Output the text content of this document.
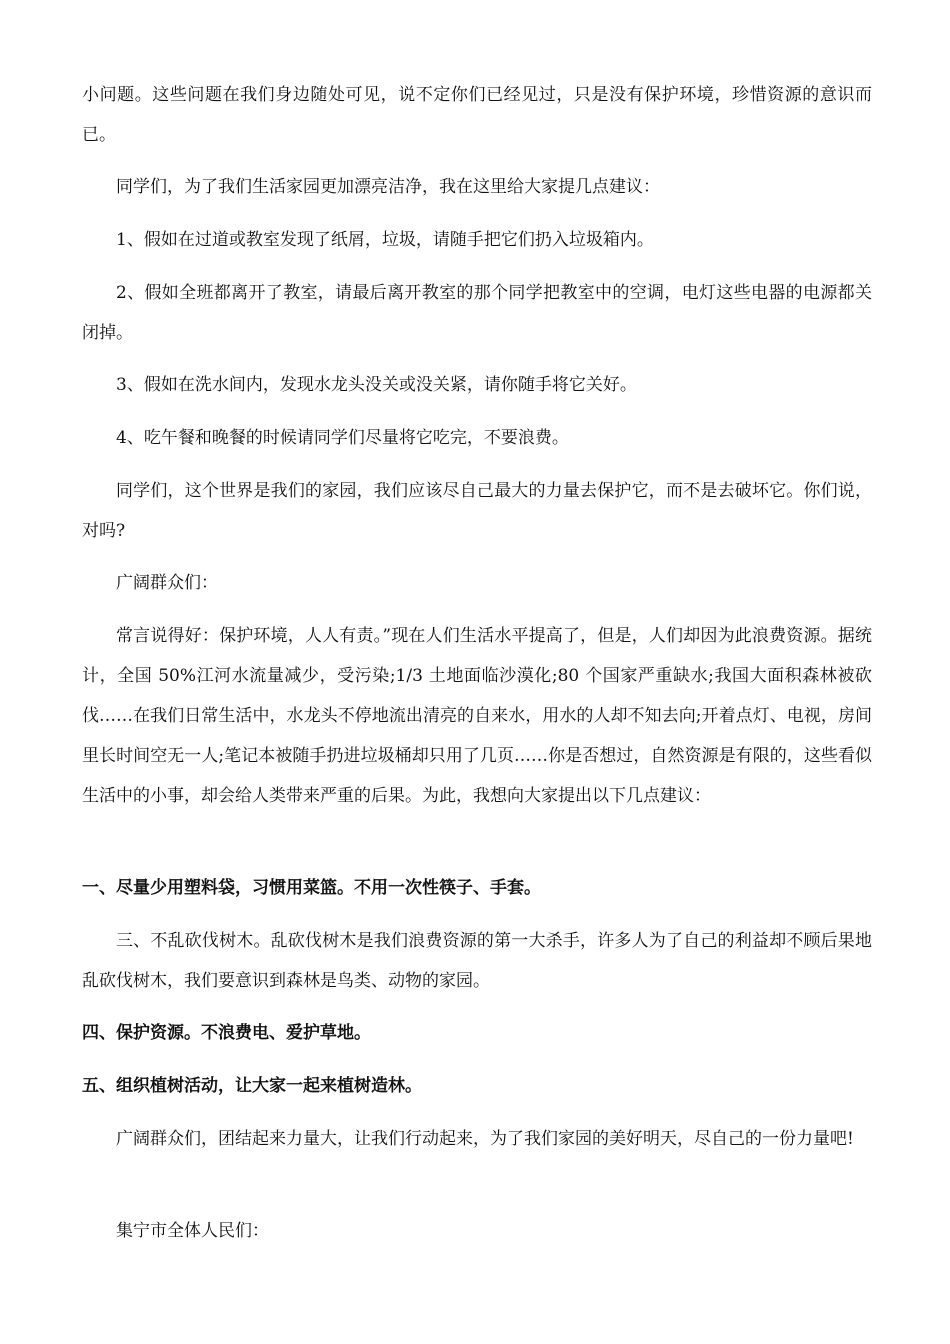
小问题。这些问题在我们身边随处可见，说不定你们已经见过，只是没有保护环境，珍惜资源的意识而已。

同学们，为了我们生活家园更加漂亮洁净，我在这里给大家提几点建议：

1、假如在过道或教室发现了纸屑，垃圾，请随手把它们扔入垃圾箱内。

2、假如全班都离开了教室，请最后离开教室的那个同学把教室中的空调，电灯这些电器的电源都关闭掉。

3、假如在洗水间内，发现水龙头没关或没关紧，请你随手将它关好。

4、吃午餐和晚餐的时候请同学们尽量将它吃完，不要浪费。

同学们，这个世界是我们的家园，我们应该尽自己最大的力量去保护它，而不是去破坏它。你们说，对吗?

广阔群众们：

常言说得好：保护环境，人人有责。”现在人们生活水平提高了，但是，人们却因为此浪费资源。据统计，全国 50%江河水流量减少，受污染;1/3 土地面临沙漠化;80 个国家严重缺水;我国大面积森林被砍伐……在我们日常生活中，水龙头不停地流出清亮的自来水，用水的人却不知去向;开着点灯、电视，房间里长时间空无一人;笔记本被随手扔进垃圾桶却只用了几页……你是否想过，自然资源是有限的，这些看似生活中的小事，却会给人类带来严重的后果。为此，我想向大家提出以下几点建议：

一、尽量少用塑料袋，习惯用菜篮。不用一次性筷子、手套。

三、不乱砍伐树木。乱砍伐树木是我们浪费资源的第一大杀手，许多人为了自己的利益却不顾后果地乱砍伐树木，我们要意识到森林是鸟类、动物的家园。

四、保护资源。不浪费电、爱护草地。

五、组织植树活动，让大家一起来植树造林。

广阔群众们，团结起来力量大，让我们行动起来，为了我们家园的美好明天，尽自己的一份力量吧!

集宁市全体人民们：
